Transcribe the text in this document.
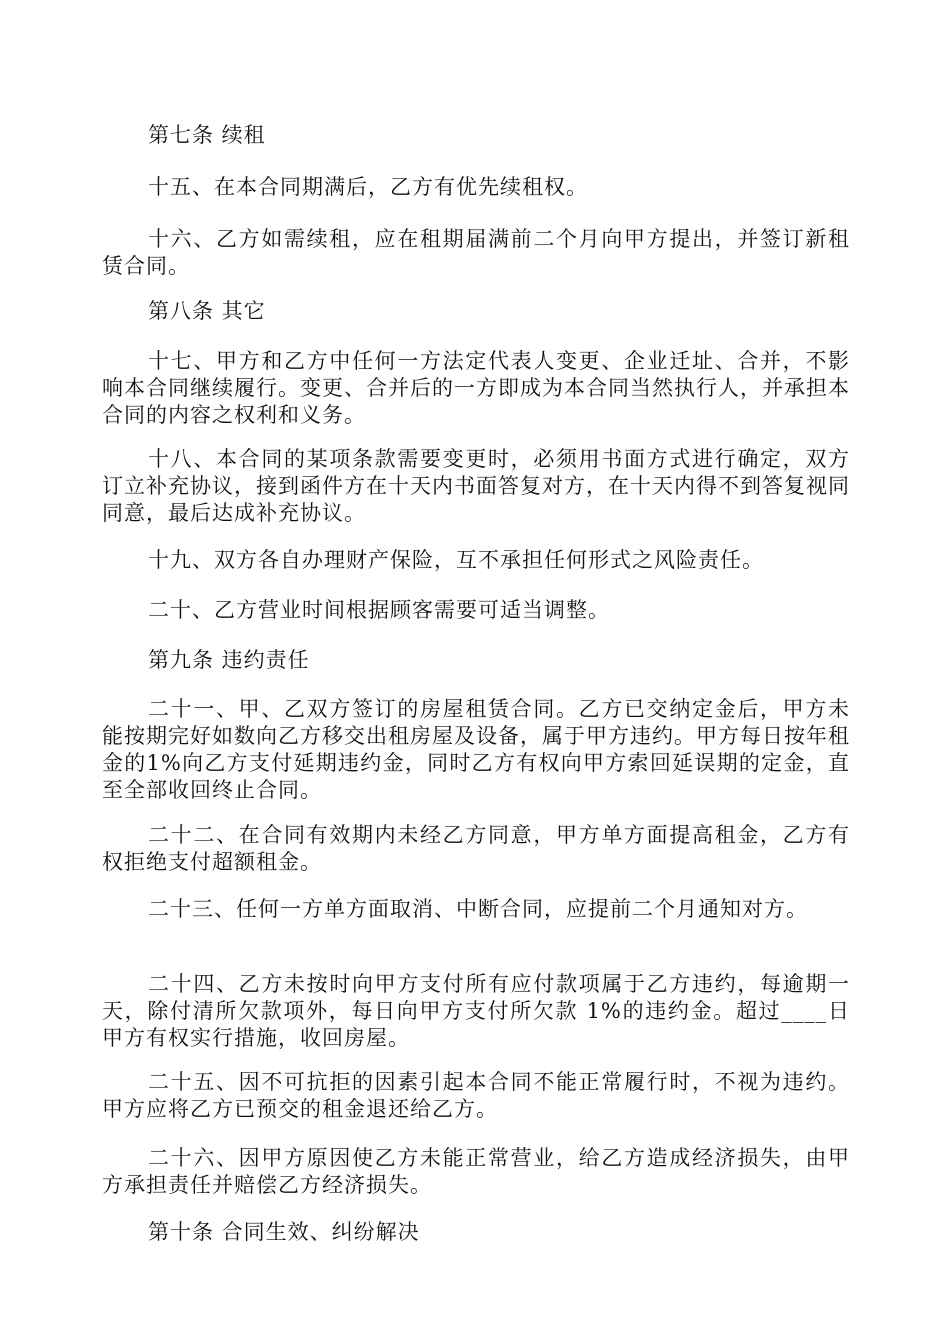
第七条 续租

十五、在本合同期满后，乙方有优先续租权。

十六、乙方如需续租，应在租期届满前二个月向甲方提出，并签订新租赁合同。

第八条 其它

十七、甲方和乙方中任何一方法定代表人变更、企业迁址、合并，不影响本合同继续履行。变更、合并后的一方即成为本合同当然执行人，并承担本合同的内容之权利和义务。

十八、本合同的某项条款需要变更时，必须用书面方式进行确定，双方订立补充协议，接到函件方在十天内书面答复对方，在十天内得不到答复视同同意，最后达成补充协议。

十九、双方各自办理财产保险，互不承担任何形式之风险责任。

二十、乙方营业时间根据顾客需要可适当调整。

第九条 违约责任

二十一、甲、乙双方签订的房屋租赁合同。乙方已交纳定金后，甲方未能按期完好如数向乙方移交出租房屋及设备，属于甲方违约。甲方每日按年租金的1%向乙方支付延期违约金，同时乙方有权向甲方索回延误期的定金，直至全部收回终止合同。

二十二、在合同有效期内未经乙方同意，甲方单方面提高租金，乙方有权拒绝支付超额租金。

二十三、任何一方单方面取消、中断合同，应提前二个月通知对方。

二十四、乙方未按时向甲方支付所有应付款项属于乙方违约，每逾期一天，除付清所欠款项外，每日向甲方支付所欠款 1%的违约金。超过____日甲方有权实行措施，收回房屋。

二十五、因不可抗拒的因素引起本合同不能正常履行时，不视为违约。甲方应将乙方已预交的租金退还给乙方。

二十六、因甲方原因使乙方未能正常营业，给乙方造成经济损失，由甲方承担责任并赔偿乙方经济损失。

第十条 合同生效、纠纷解决
